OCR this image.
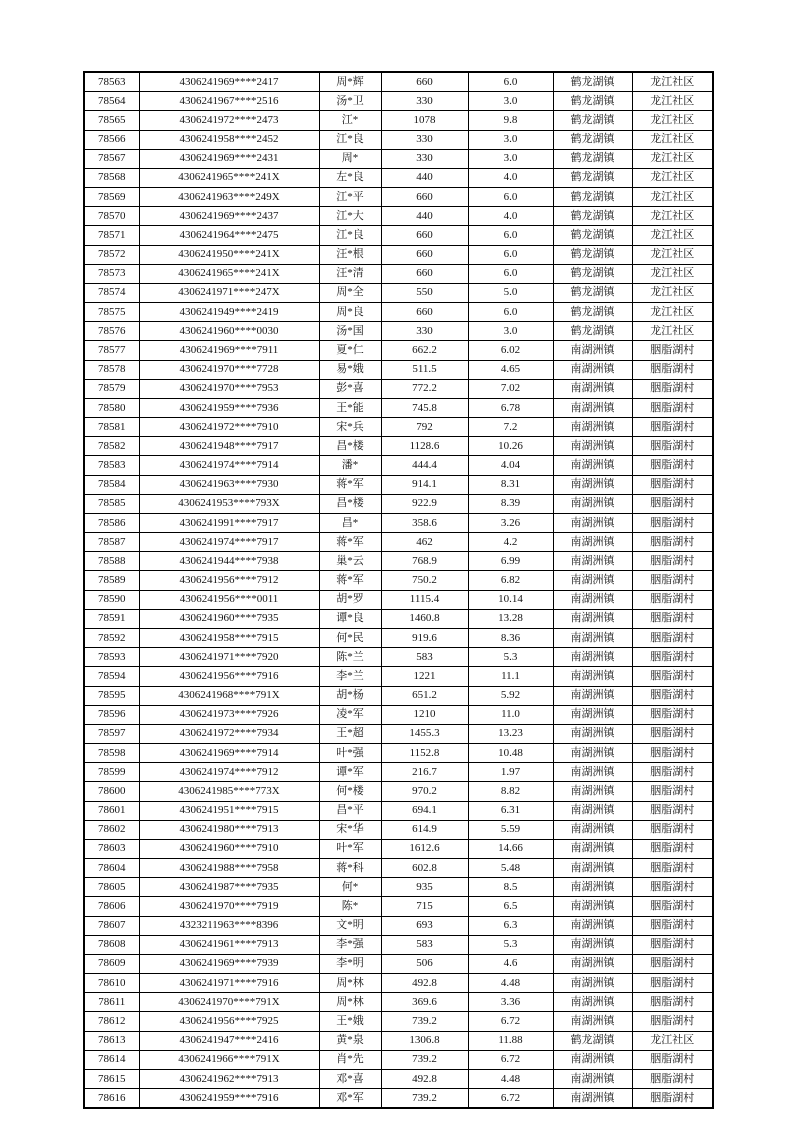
78563	4306241969****2417	周*辉	660	6.0	鹤龙湖镇	龙江社区
78564	4306241967****2516	汤*卫	330	3.0	鹤龙湖镇	龙江社区
78565	4306241972****2473	江*	1078	9.8	鹤龙湖镇	龙江社区
78566	4306241958****2452	江*良	330	3.0	鹤龙湖镇	龙江社区
78567	4306241969****2431	周*	330	3.0	鹤龙湖镇	龙江社区
78568	4306241965****241X	左*良	440	4.0	鹤龙湖镇	龙江社区
78569	4306241963****249X	江*平	660	6.0	鹤龙湖镇	龙江社区
78570	4306241969****2437	江*大	440	4.0	鹤龙湖镇	龙江社区
78571	4306241964****2475	江*良	660	6.0	鹤龙湖镇	龙江社区
78572	4306241950****241X	汪*根	660	6.0	鹤龙湖镇	龙江社区
78573	4306241965****241X	汪*清	660	6.0	鹤龙湖镇	龙江社区
78574	4306241971****247X	周*全	550	5.0	鹤龙湖镇	龙江社区
78575	4306241949****2419	周*良	660	6.0	鹤龙湖镇	龙江社区
78576	4306241960****0030	汤*国	330	3.0	鹤龙湖镇	龙江社区
78577	4306241969****7911	夏*仁	662.2	6.02	南湖洲镇	胭脂湖村
78578	4306241970****7728	易*娥	511.5	4.65	南湖洲镇	胭脂湖村
78579	4306241970****7953	彭*喜	772.2	7.02	南湖洲镇	胭脂湖村
78580	4306241959****7936	王*能	745.8	6.78	南湖洲镇	胭脂湖村
78581	4306241972****7910	宋*兵	792	7.2	南湖洲镇	胭脂湖村
78582	4306241948****7917	昌*楼	1128.6	10.26	南湖洲镇	胭脂湖村
78583	4306241974****7914	潘*	444.4	4.04	南湖洲镇	胭脂湖村
78584	4306241963****7930	蒋*军	914.1	8.31	南湖洲镇	胭脂湖村
78585	4306241953****793X	昌*楼	922.9	8.39	南湖洲镇	胭脂湖村
78586	4306241991****7917	昌*	358.6	3.26	南湖洲镇	胭脂湖村
78587	4306241974****7917	蒋*军	462	4.2	南湖洲镇	胭脂湖村
78588	4306241944****7938	巢*云	768.9	6.99	南湖洲镇	胭脂湖村
78589	4306241956****7912	蒋*军	750.2	6.82	南湖洲镇	胭脂湖村
78590	4306241956****0011	胡*罗	1115.4	10.14	南湖洲镇	胭脂湖村
78591	4306241960****7935	谭*良	1460.8	13.28	南湖洲镇	胭脂湖村
78592	4306241958****7915	何*民	919.6	8.36	南湖洲镇	胭脂湖村
78593	4306241971****7920	陈*兰	583	5.3	南湖洲镇	胭脂湖村
78594	4306241956****7916	李*兰	1221	11.1	南湖洲镇	胭脂湖村
78595	4306241968****791X	胡*杨	651.2	5.92	南湖洲镇	胭脂湖村
78596	4306241973****7926	凌*军	1210	11.0	南湖洲镇	胭脂湖村
78597	4306241972****7934	王*超	1455.3	13.23	南湖洲镇	胭脂湖村
78598	4306241969****7914	叶*强	1152.8	10.48	南湖洲镇	胭脂湖村
78599	4306241974****7912	谭*军	216.7	1.97	南湖洲镇	胭脂湖村
78600	4306241985****773X	何*楼	970.2	8.82	南湖洲镇	胭脂湖村
78601	4306241951****7915	昌*平	694.1	6.31	南湖洲镇	胭脂湖村
78602	4306241980****7913	宋*华	614.9	5.59	南湖洲镇	胭脂湖村
78603	4306241960****7910	叶*军	1612.6	14.66	南湖洲镇	胭脂湖村
78604	4306241988****7958	蒋*科	602.8	5.48	南湖洲镇	胭脂湖村
78605	4306241987****7935	何*	935	8.5	南湖洲镇	胭脂湖村
78606	4306241970****7919	陈*	715	6.5	南湖洲镇	胭脂湖村
78607	4323211963****8396	文*明	693	6.3	南湖洲镇	胭脂湖村
78608	4306241961****7913	李*强	583	5.3	南湖洲镇	胭脂湖村
78609	4306241969****7939	李*明	506	4.6	南湖洲镇	胭脂湖村
78610	4306241971****7916	周*林	492.8	4.48	南湖洲镇	胭脂湖村
78611	4306241970****791X	周*林	369.6	3.36	南湖洲镇	胭脂湖村
78612	4306241956****7925	王*娥	739.2	6.72	南湖洲镇	胭脂湖村
78613	4306241947****2416	黄*泉	1306.8	11.88	鹤龙湖镇	龙江社区
78614	4306241966****791X	肖*先	739.2	6.72	南湖洲镇	胭脂湖村
78615	4306241962****7913	邓*喜	492.8	4.48	南湖洲镇	胭脂湖村
78616	4306241959****7916	邓*军	739.2	6.72	南湖洲镇	胭脂湖村
